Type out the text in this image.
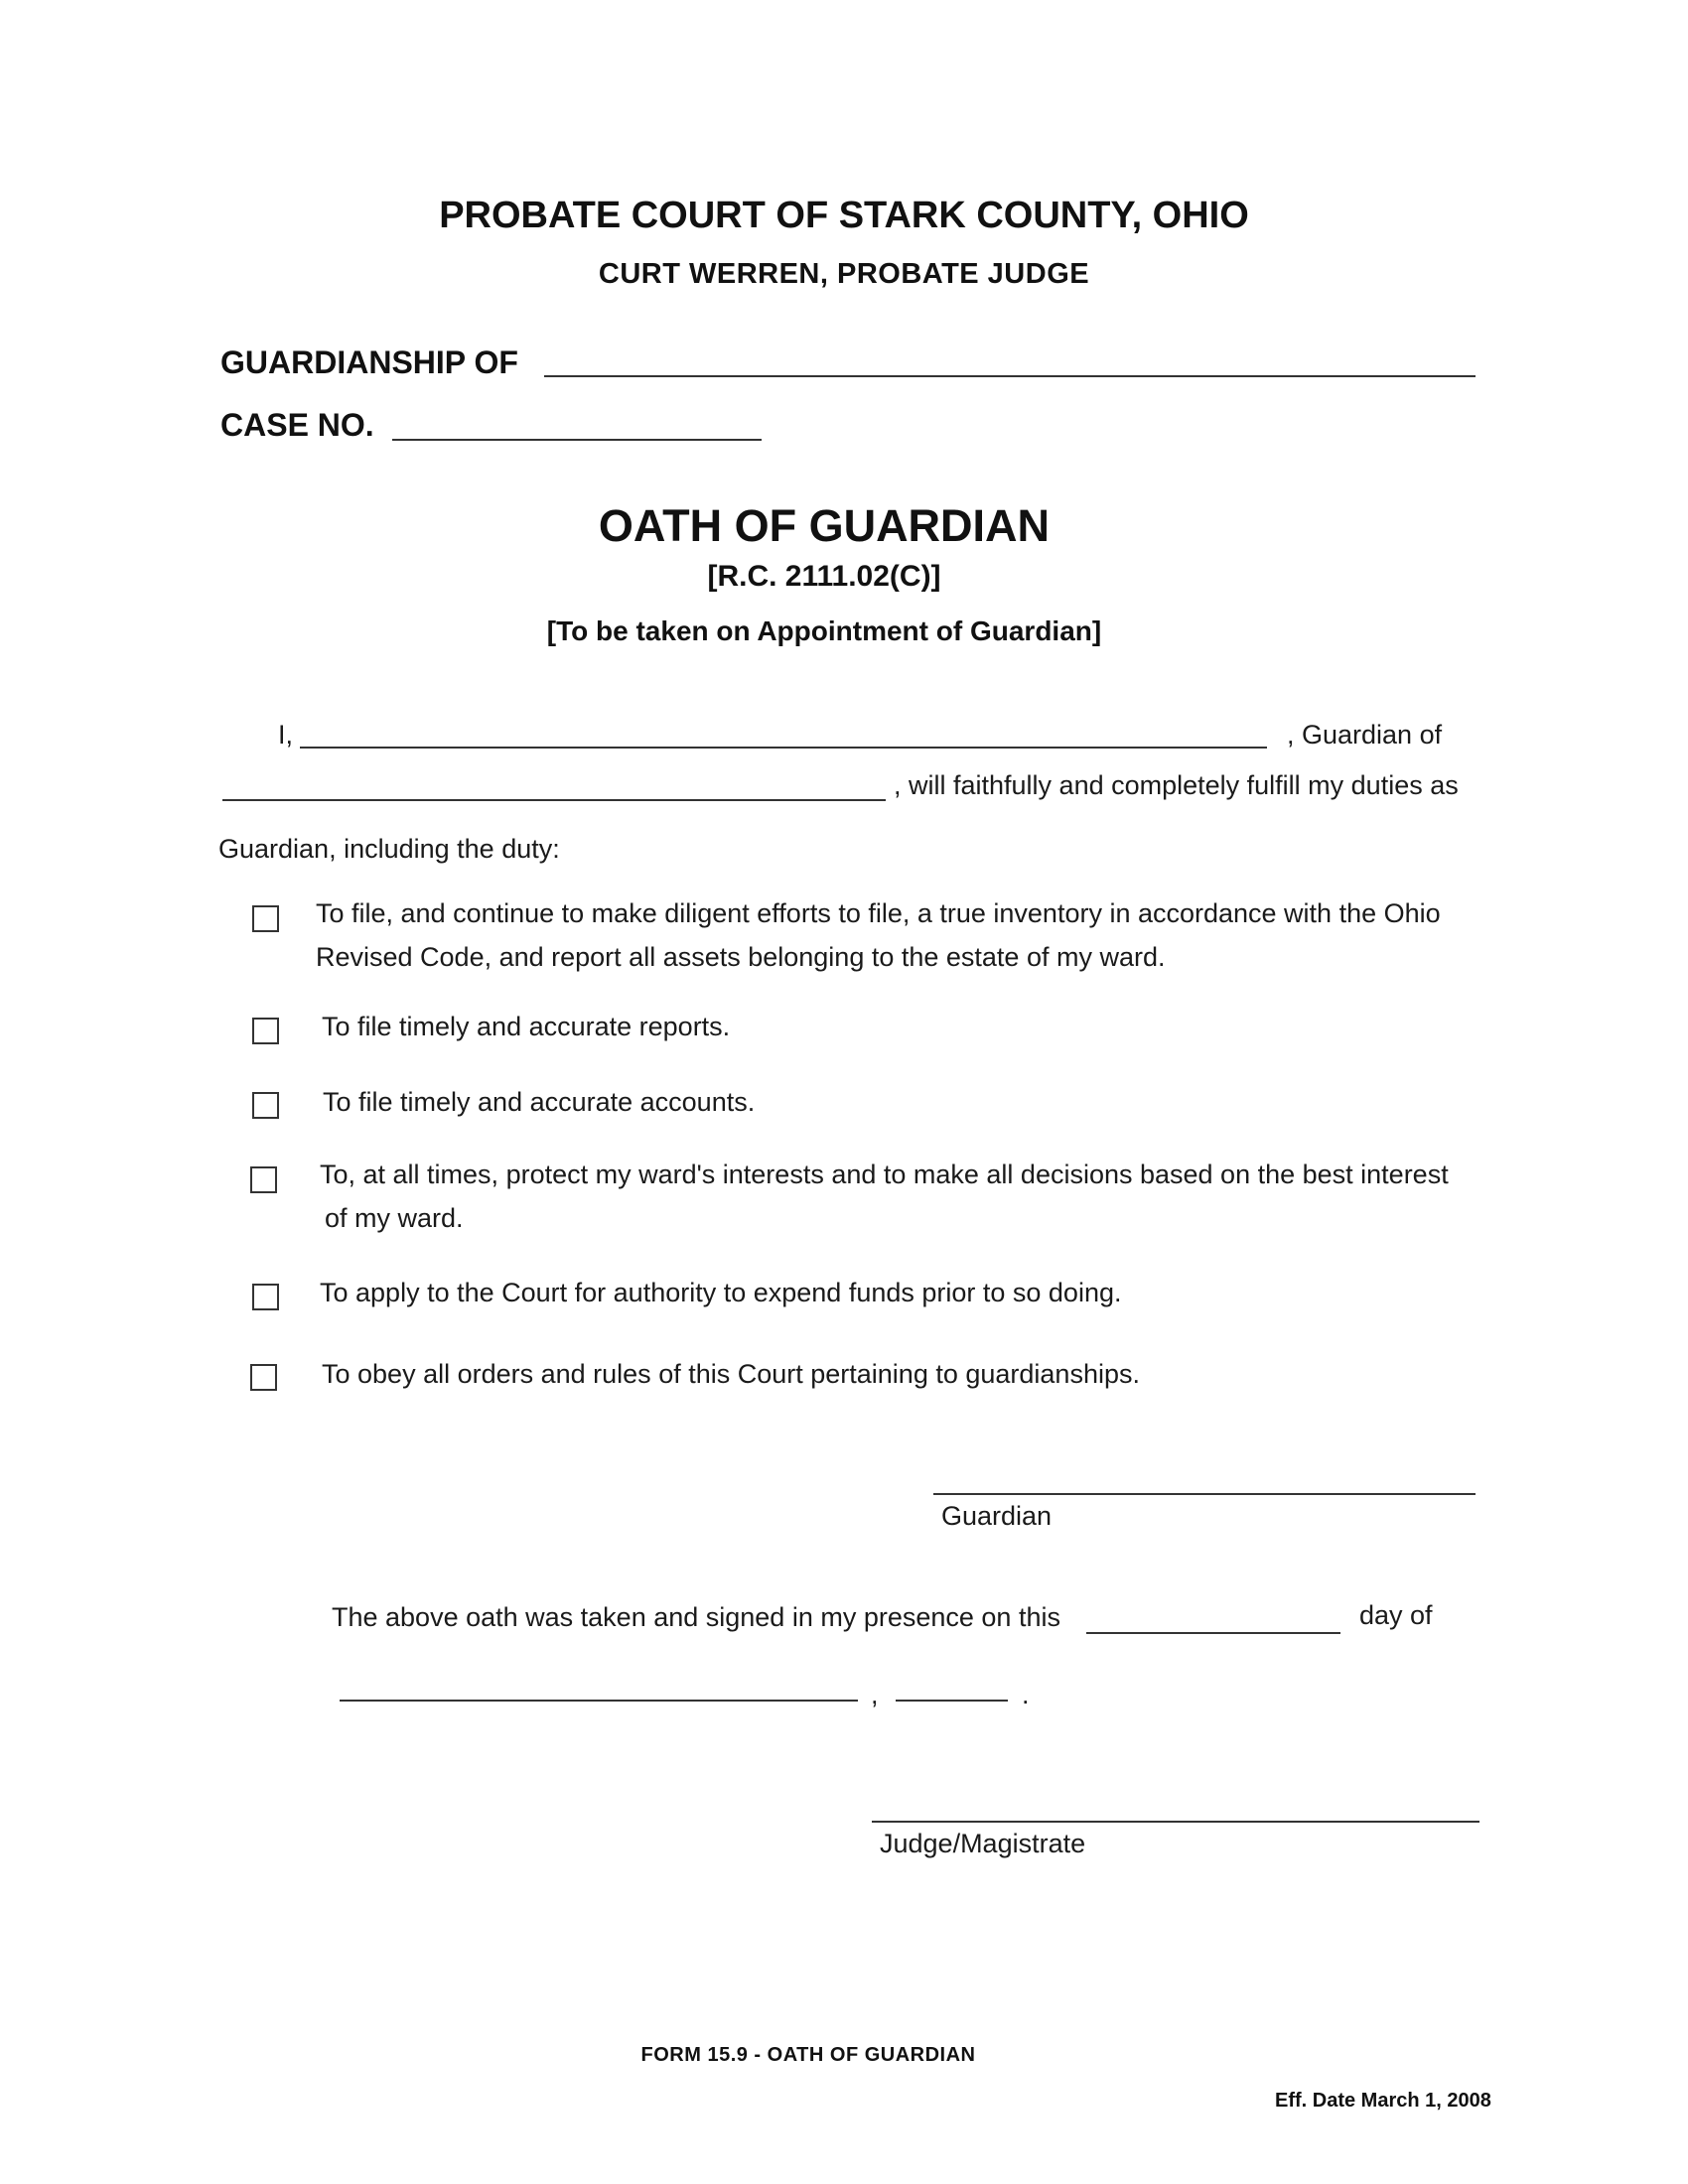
PROBATE COURT OF STARK COUNTY, OHIO
CURT WERREN, PROBATE JUDGE
GUARDIANSHIP OF
CASE NO.
OATH OF GUARDIAN
[R.C. 2111.02(C)]
[To be taken on Appointment of Guardian]
I,	, Guardian of
, will faithfully and completely fulfill my duties as
Guardian, including the duty:
To file, and continue to make diligent efforts to file, a true inventory in accordance with the Ohio
Revised Code, and report all assets belonging to the estate of my ward.
To file timely and accurate reports.
To file timely and accurate accounts.
To, at all times, protect my ward's interests and to make all decisions based on the best interest
of my ward.
To apply to the Court for authority to expend funds prior to so doing.
To obey all orders and rules of this Court pertaining to guardianships.
Guardian
The above oath was taken and signed in my presence on this	day of
,	.
Judge/Magistrate
FORM 15.9 - OATH OF GUARDIAN
Eff. Date March 1, 2008
